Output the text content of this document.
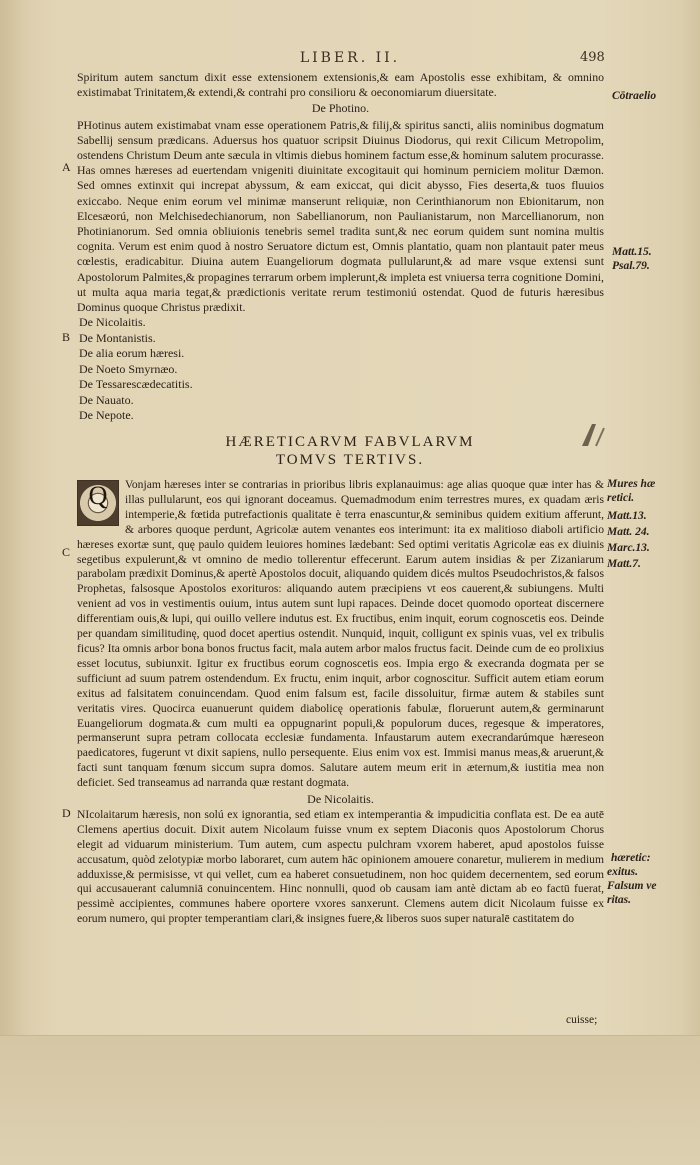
LIBER. II.	498

Spiritum autem sanctum dixit esse extensionem extensionis,& eam Apostolis esse exhibitam, & omnino existimabat Trinitatem,& extendi,& contrahi pro consilioru & oeconomiarum diuersitate.

De Photino.

PHotinus autem existimabat vnam esse operationem Patris,& filij,& spiritus sancti, aliis nominibus dogmatum Sabellij sensum prædicans. Aduersus hos quatuor scripsit Diuinus Diodorus, qui rexit Cilicum Metropolim, ostendens Christum Deum ante sæcula in vltimis diebus hominem factum esse,& hominum salutem procurasse. Has omnes hæreses ad euertendam vnigeniti diuinitate excogitauit qui hominum perniciem molitur Dæmon. Sed omnes extinxit qui increpat abyssum, & eam exiccat, qui dicit abysso, Fies deserta,& tuos fluuios exiccabo. Neque enim eorum vel minimæ manserunt reliquiæ, non Cerinthianorum non Ebionitarum, non Elcesæorú, non Melchisedechianorum, non Sabellianorum, non Paulianistarum, non Marcellianorum, non Photinianorum. Sed omnia obliuionis tenebris semel tradita sunt,& nec eorum quidem sunt nomina multis cognita. Verum est enim quod à nostro Seruatore dictum est, Omnis plantatio, quam non plantauit pater meus cœlestis, eradicabitur. Diuina autem Euangeliorum dogmata pullularunt,& ad mare vsque extensi sunt Apostolorum Palmites,& propagines terrarum orbem implerunt,& impleta est vniuersa terra cognitione Domini, ut multa aqua maria tegat,& prædictionis veritate rerum testimoniú ostendat. Quod de futuris hæresibus Dominus quoque Christus prædixit.

De Nicolaitis.
De Montanistis.
De alia eorum hæresi.
De Noeto Smyrnæo.
De Tessarescædecatitis.
De Nauato.
De Nepote.
HÆRETICARVM FABVLARVM
TOMVS TERTIVS.
Q	Vonjam hæreses inter se contrarias in prioribus libris explanauimus: age alias quoque quæ inter has & illas pullularunt, eos qui ignorant doceamus. Quemadmodum enim terrestres mures, ex quadam æris intemperie,& fœtida putrefactionis qualitate è terra enascuntur,& seminibus quidem exitium afferunt, & arbores quoque perdunt, Agricolæ autem venantes eos interimunt: ita ex malitioso diaboli artificio hæreses exortæ sunt, quę paulo quidem leuiores homines lædebant: Sed optimi veritatis Agricolæ eas ex diuinis segetibus expulerunt,& vt omnino de medio tollerentur effecerunt. Earum autem insidias & per Zizaniarum parabolam prædixit Dominus,& apertè Apostolos docuit, aliquando quidem dicés multos Pseudochristos,& falsos Prophetas, falsosque Apostolos exorituros: aliquando autem præcipiens vt eos cauerent,& subiungens. Multi venient ad vos in vestimentis ouium, intus autem sunt lupi rapaces. Deinde docet quomodo oporteat discernere differentiam ouis,& lupi, qui ouillo vellere indutus est. Ex fructibus, enim inquit, eorum cognoscetis eos. Deinde per quandam similitudinę, quod docet apertius ostendit. Nunquid, inquit, colligunt ex spinis vuas, vel ex tribulis ficus? Ita omnis arbor bona bonos fructus facit, mala autem arbor malos fructus facit. Deinde cum de eo prolixius esset locutus, subiunxit. Igitur ex fructibus eorum cognoscetis eos. Impia ergo & execranda dogmata per se sufficiunt ad suum patrem ostendendum. Ex fructu, enim inquit, arbor cognoscitur. Sufficit autem etiam eorum exitus ad falsitatem conuincendam. Quod enim falsum est, facile dissoluitur, firmæ autem & stabiles sunt veritatis vires. Quocirca euanuerunt quidem diabolicę operationis fabulæ, floruerunt autem,& germinarunt Euangeliorum dogmata.& cum multi ea oppugnarint populi,& populorum duces, regesque & imperatores, permanserunt supra petram collocata ecclesiæ fundamenta. Infaustarum autem execrandarúmque hæreseon paedicatores, fugerunt vt dixit sapiens, nullo persequente. Eius enim vox est. Immisi manus meas,& aruerunt,& facti sunt tanquam fœnum siccum supra domos. Salutare autem meum erit in æternum,& iustitia mea non deficiet. Sed transeamus ad narranda quæ restant dogmata.

De Nicolaitis.

NIcolaitarum hæresis, non solú ex ignorantia, sed etiam ex intemperantia & impudicitia conflata est. De ea autē Clemens apertius docuit. Dixit autem Nicolaum fuisse vnum ex septem Diaconis quos Apostolorum Chorus elegit ad viduarum ministerium. Tum autem, cum aspectu pulchram vxorem haberet, apud apostolos fuisse accusatum, quòd zelotypiæ morbo laboraret, cum autem hāc opinionem amouere conaretur, mulierem in medium adduxisse,& permisisse, vt qui vellet, cum ea haberet consuetudinem, non hoc quidem decernentem, sed eorum qui accusauerant calumniā conuincentem. Hinc nonnulli, quod ob causam iam antè dictam ab eo factū fuerat, pessimè accipientes, communes habere oportere vxores sanxerunt. Clemens autem dicit Nicolaum fuisse ex eorum numero, qui propter temperantiam clari,& insignes fuere,& liberos suos super naturalē castitatem do

cuisse;
Cōtraelio
Matt.15.
Psal.79.
Mures hæ
retici.
Matt.13.
Matt. 24.
Marc.13.
Matt.7.
hæretic:
exitus.
Falsum ve
ritas.
A
B
C
D
